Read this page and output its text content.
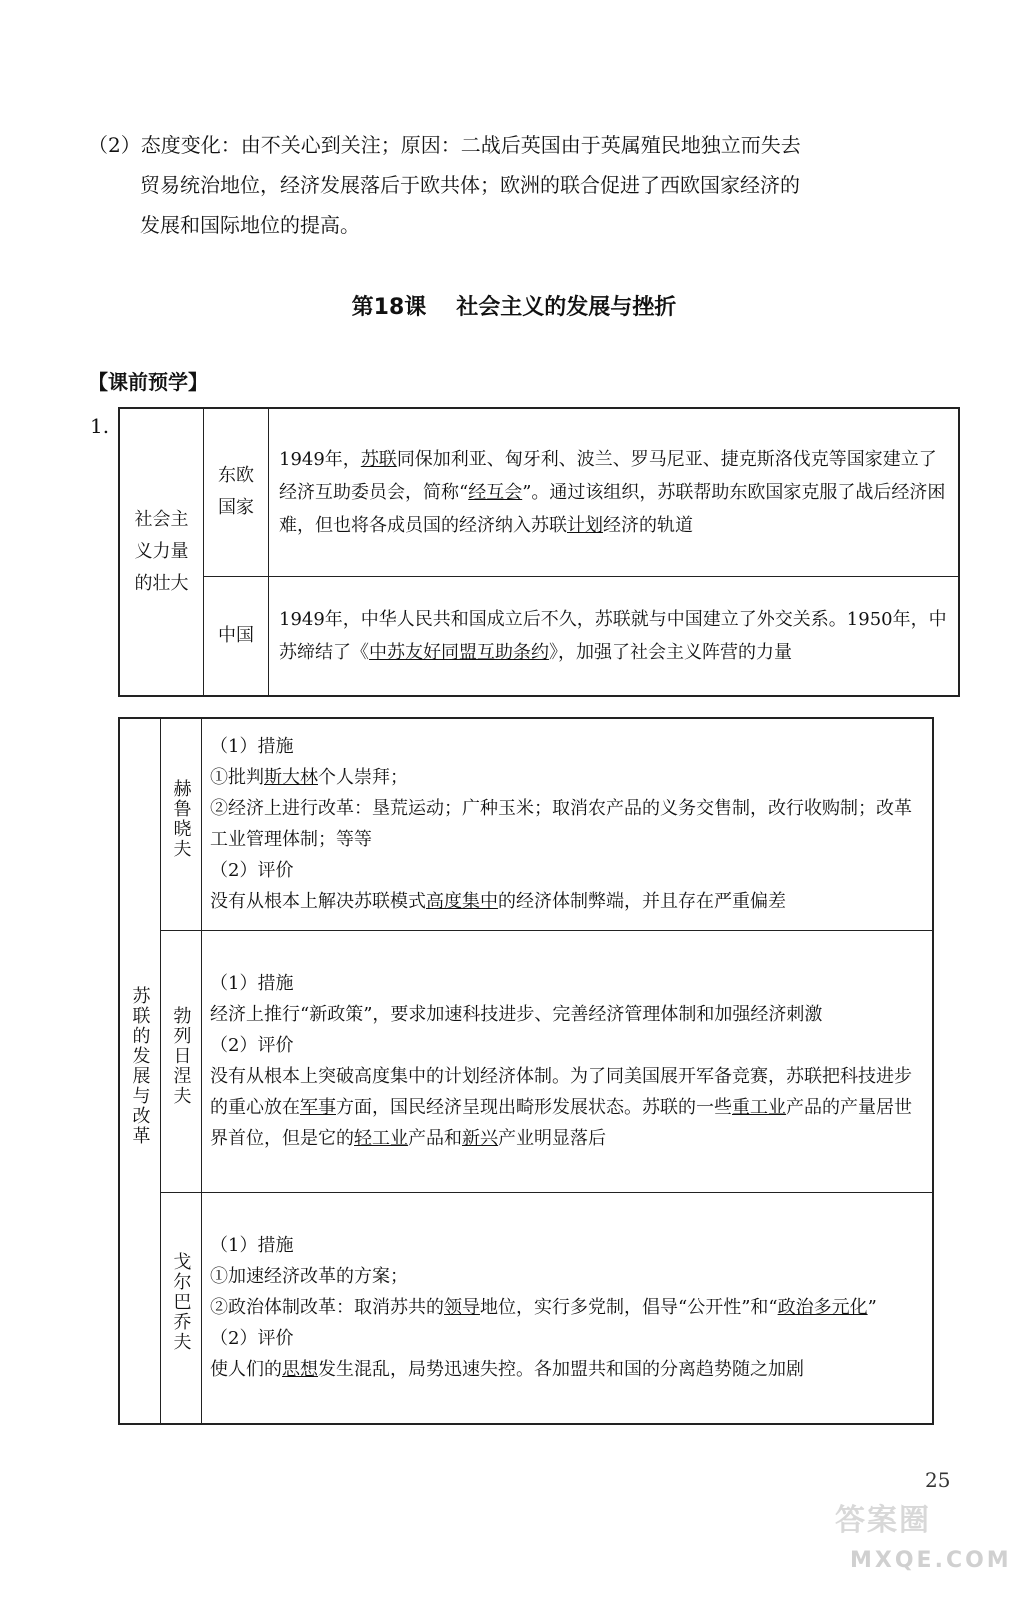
（2）态度变化：由不关心到关注；原因：二战后英国由于英属殖民地独立而失去
贸易统治地位，经济发展落后于欧共体；欧洲的联合促进了西欧国家经济的
发展和国际地位的提高。
第18课 社会主义的发展与挫折
【课前预学】
1.
社会主义力量的壮大	东欧国家	1949年，苏联同保加利亚、匈牙利、波兰、罗马尼亚、捷克斯洛伐克等国家建立了经济互助委员会，简称“经互会”。通过该组织，苏联帮助东欧国家克服了战后经济困难，但也将各成员国的经济纳入苏联计划经济的轨道
	中国	1949年，中华人民共和国成立后不久，苏联就与中国建立了外交关系。1950年，中苏缔结了《中苏友好同盟互助条约》，加强了社会主义阵营的力量
苏联的发展与改革	赫鲁晓夫	（1）措施
①批判斯大林个人崇拜；
②经济上进行改革：垦荒运动；广种玉米；取消农产品的义务交售制，改行收购制；改革工业管理体制；等等
（2）评价
没有从根本上解决苏联模式高度集中的经济体制弊端，并且存在严重偏差

	勃列日涅夫	（1）措施
经济上推行“新政策”，要求加速科技进步、完善经济管理体制和加强经济刺激
（2）评价
没有从根本上突破高度集中的计划经济体制。为了同美国展开军备竞赛，苏联把科技进步的重心放在军事方面，国民经济呈现出畸形发展状态。苏联的一些重工业产品的产量居世界首位，但是它的轻工业产品和新兴产业明显落后

	戈尔巴乔夫	（1）措施
①加速经济改革的方案；
②政治体制改革：取消苏共的领导地位，实行多党制，倡导“公开性”和“政治多元化”
（2）评价
使人们的思想发生混乱，局势迅速失控。各加盟共和国的分离趋势随之加剧
25
答案圈
MXQE.COM
